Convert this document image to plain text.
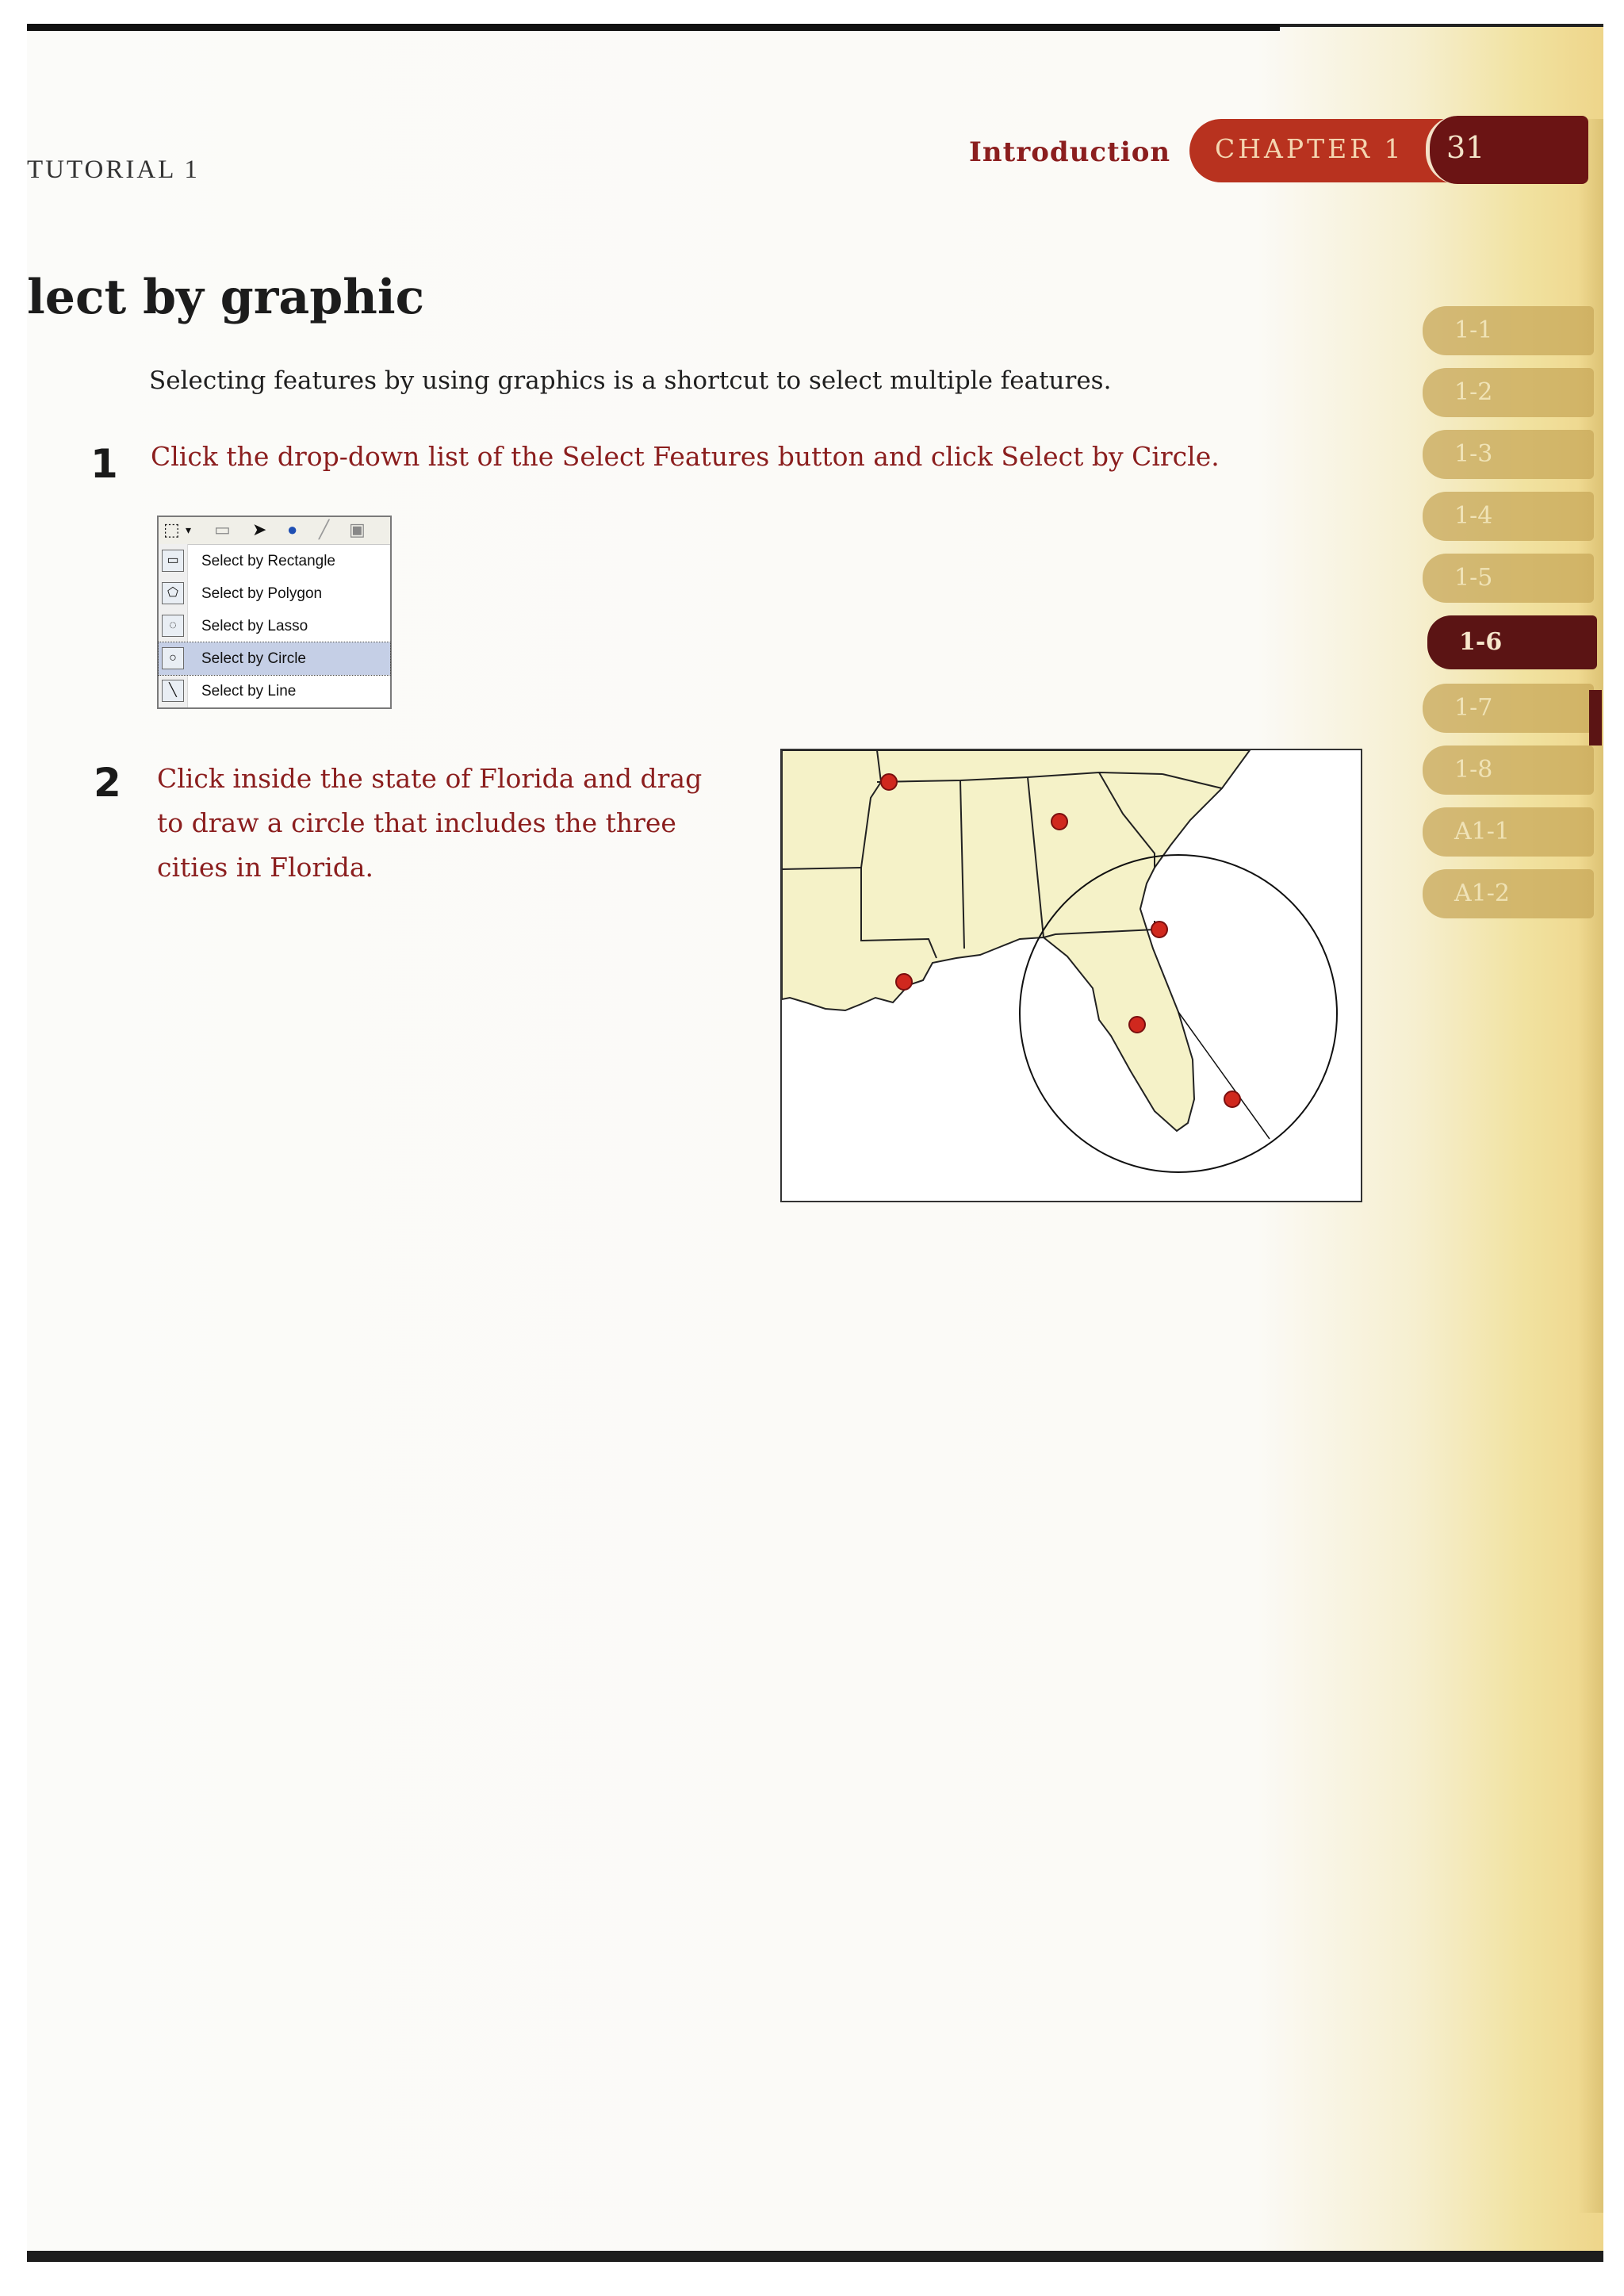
TUTORIAL 1
Introduction CHAPTER 1 31
lect by graphic
Selecting features by using graphics is a shortcut to select multiple features.
1 Click the drop-down list of the Select Features button and click Select by Circle.
⬚ ▾ ▭ ➤ ● ╱ ▣
▭	Select by Rectangle
⬠	Select by Polygon
◌	Select by Lasso
○	Select by Circle
╲	Select by Line
2 Click inside the state of Florida and drag
to draw a circle that includes the three
cities in Florida.
1-1
1-2
1-3
1-4
1-5
1-6
1-7
1-8
A1-1
A1-2
